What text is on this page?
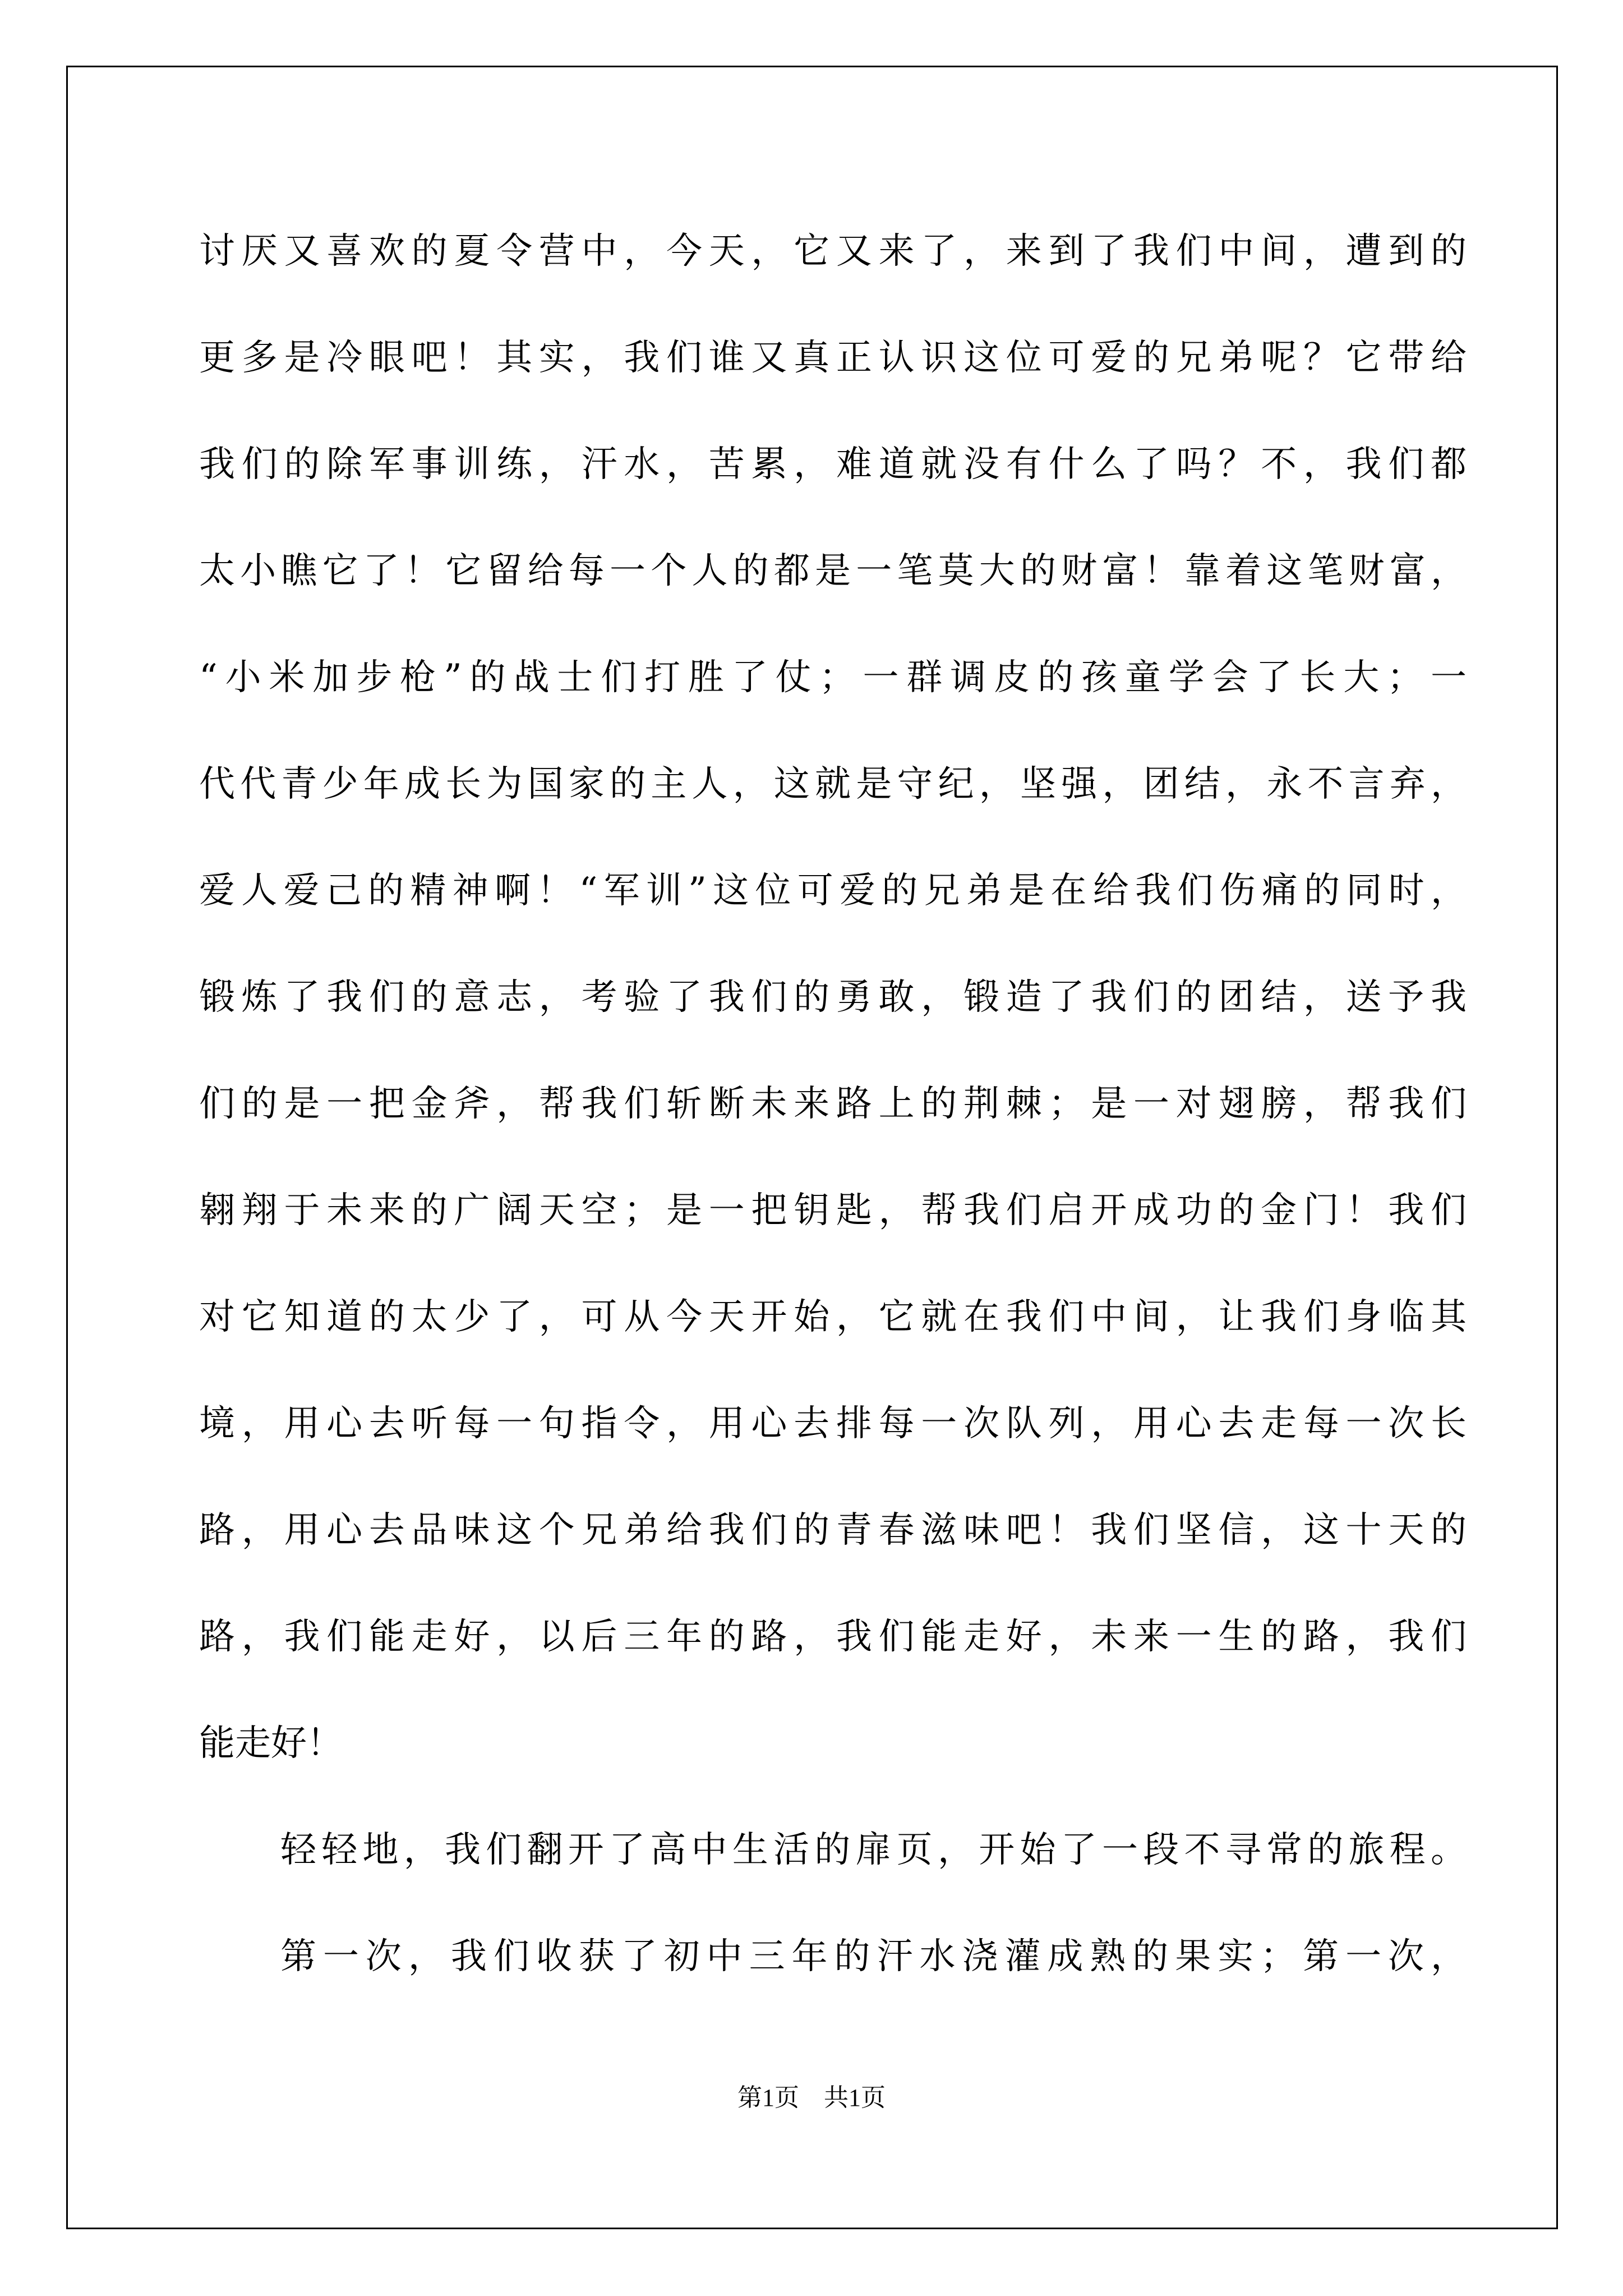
讨厌又喜欢的夏令营中，今天，它又来了，来到了我们中间，遭到的
更多是冷眼吧！其实，我们谁又真正认识这位可爱的兄弟呢？它带给
我们的除军事训练，汗水，苦累，难道就没有什么了吗？不，我们都
太小瞧它了！它留给每一个人的都是一笔莫大的财富！靠着这笔财富，
“小米加步枪”的战士们打胜了仗；一群调皮的孩童学会了长大；一
代代青少年成长为国家的主人，这就是守纪，坚强，团结，永不言弃，
爱人爱己的精神啊！“军训”这位可爱的兄弟是在给我们伤痛的同时，
锻炼了我们的意志，考验了我们的勇敢，锻造了我们的团结，送予我
们的是一把金斧，帮我们斩断未来路上的荆棘；是一对翅膀，帮我们
翱翔于未来的广阔天空；是一把钥匙，帮我们启开成功的金门！我们
对它知道的太少了，可从今天开始，它就在我们中间，让我们身临其
境，用心去听每一句指令，用心去排每一次队列，用心去走每一次长
路，用心去品味这个兄弟给我们的青春滋味吧！我们坚信，这十天的
路，我们能走好，以后三年的路，我们能走好，未来一生的路，我们
能走好！
轻轻地，我们翻开了高中生活的扉页，开始了一段不寻常的旅程。
第一次，我们收获了初中三年的汗水浇灌成熟的果实；第一次，
第1页　共1页
